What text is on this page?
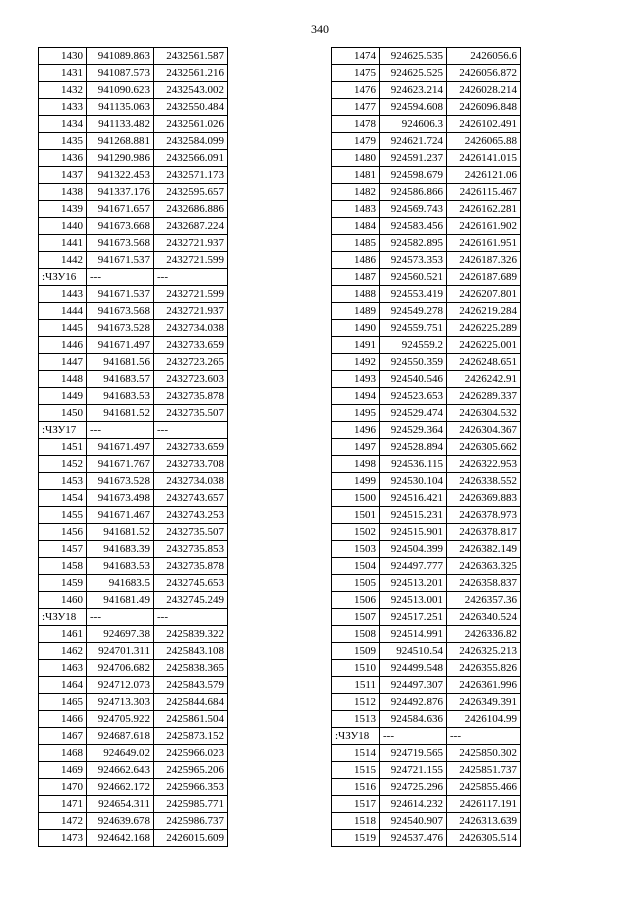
340
1430	941089.863	2432561.587
1431	941087.573	2432561.216
1432	941090.623	2432543.002
1433	941135.063	2432550.484
1434	941133.482	2432561.026
1435	941268.881	2432584.099
1436	941290.986	2432566.091
1437	941322.453	2432571.173
1438	941337.176	2432595.657
1439	941671.657	2432686.886
1440	941673.668	2432687.224
1441	941673.568	2432721.937
1442	941671.537	2432721.599
:ЧЗУ16	---	---
1443	941671.537	2432721.599
1444	941673.568	2432721.937
1445	941673.528	2432734.038
1446	941671.497	2432733.659
1447	941681.56	2432723.265
1448	941683.57	2432723.603
1449	941683.53	2432735.878
1450	941681.52	2432735.507
:ЧЗУ17	---	---
1451	941671.497	2432733.659
1452	941671.767	2432733.708
1453	941673.528	2432734.038
1454	941673.498	2432743.657
1455	941671.467	2432743.253
1456	941681.52	2432735.507
1457	941683.39	2432735.853
1458	941683.53	2432735.878
1459	941683.5	2432745.653
1460	941681.49	2432745.249
:ЧЗУ18	---	---
1461	924697.38	2425839.322
1462	924701.311	2425843.108
1463	924706.682	2425838.365
1464	924712.073	2425843.579
1465	924713.303	2425844.684
1466	924705.922	2425861.504
1467	924687.618	2425873.152
1468	924649.02	2425966.023
1469	924662.643	2425965.206
1470	924662.172	2425966.353
1471	924654.311	2425985.771
1472	924639.678	2425986.737
1473	924642.168	2426015.609
1474	924625.535	2426056.6
1475	924625.525	2426056.872
1476	924623.214	2426028.214
1477	924594.608	2426096.848
1478	924606.3	2426102.491
1479	924621.724	2426065.88
1480	924591.237	2426141.015
1481	924598.679	2426121.06
1482	924586.866	2426115.467
1483	924569.743	2426162.281
1484	924583.456	2426161.902
1485	924582.895	2426161.951
1486	924573.353	2426187.326
1487	924560.521	2426187.689
1488	924553.419	2426207.801
1489	924549.278	2426219.284
1490	924559.751	2426225.289
1491	924559.2	2426225.001
1492	924550.359	2426248.651
1493	924540.546	2426242.91
1494	924523.653	2426289.337
1495	924529.474	2426304.532
1496	924529.364	2426304.367
1497	924528.894	2426305.662
1498	924536.115	2426322.953
1499	924530.104	2426338.552
1500	924516.421	2426369.883
1501	924515.231	2426378.973
1502	924515.901	2426378.817
1503	924504.399	2426382.149
1504	924497.777	2426363.325
1505	924513.201	2426358.837
1506	924513.001	2426357.36
1507	924517.251	2426340.524
1508	924514.991	2426336.82
1509	924510.54	2426325.213
1510	924499.548	2426355.826
1511	924497.307	2426361.996
1512	924492.876	2426349.391
1513	924584.636	2426104.99
:ЧЗУ18	---	---
1514	924719.565	2425850.302
1515	924721.155	2425851.737
1516	924725.296	2425855.466
1517	924614.232	2426117.191
1518	924540.907	2426313.639
1519	924537.476	2426305.514
